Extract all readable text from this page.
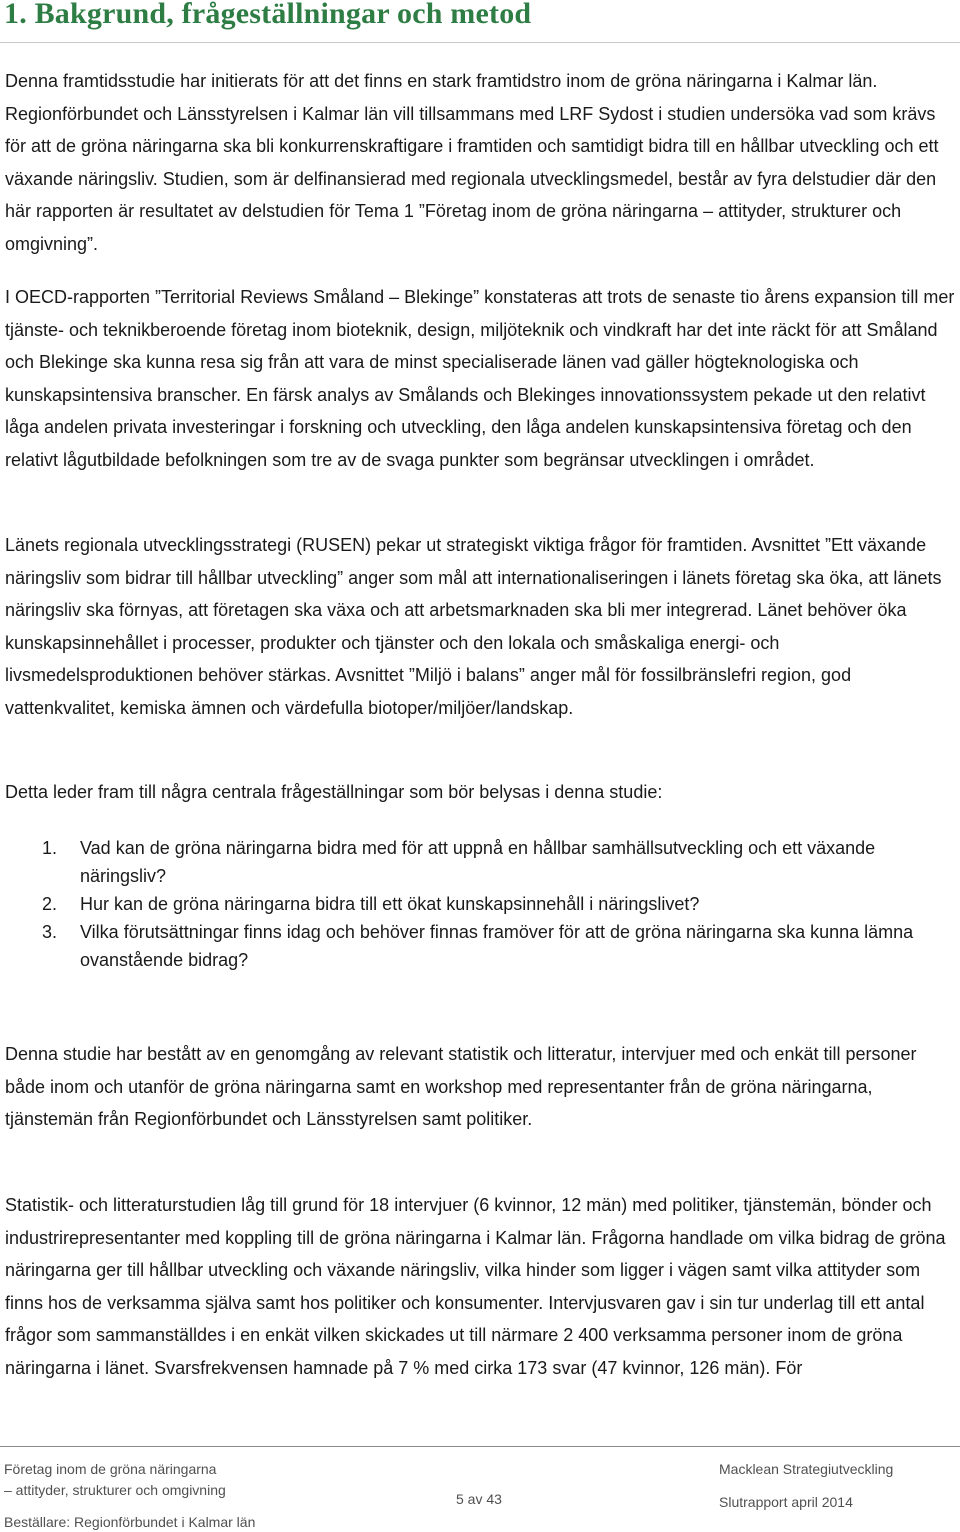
1. Bakgrund, frågeställningar och metod

Denna framtidsstudie har initierats för att det finns en stark framtidstro inom de gröna näringarna i Kalmar län. Regionförbundet och Länsstyrelsen i Kalmar län vill tillsammans med LRF Sydost i studien undersöka vad som krävs för att de gröna näringarna ska bli konkurrenskraftigare i framtiden och samtidigt bidra till en hållbar utveckling och ett växande näringsliv. Studien, som är delfinansierad med regionala utvecklingsmedel, består av fyra delstudier där den här rapporten är resultatet av delstudien för Tema 1 ”Företag inom de gröna näringarna – attityder, strukturer och omgivning”.

I OECD-rapporten ”Territorial Reviews Småland – Blekinge” konstateras att trots de senaste tio årens expansion till mer tjänste- och teknikberoende företag inom bioteknik, design, miljöteknik och vindkraft har det inte räckt för att Småland och Blekinge ska kunna resa sig från att vara de minst specialiserade länen vad gäller högteknologiska och kunskapsintensiva branscher. En färsk analys av Smålands och Blekinges innovationssystem pekade ut den relativt låga andelen privata investeringar i forskning och utveckling, den låga andelen kunskapsintensiva företag och den relativt lågutbildade befolkningen som tre av de svaga punkter som begränsar utvecklingen i området.

Länets regionala utvecklingsstrategi (RUSEN) pekar ut strategiskt viktiga frågor för framtiden. Avsnittet ”Ett växande näringsliv som bidrar till hållbar utveckling” anger som mål att internationaliseringen i länets företag ska öka, att länets näringsliv ska förnyas, att företagen ska växa och att arbetsmarknaden ska bli mer integrerad. Länet behöver öka kunskapsinnehållet i processer, produkter och tjänster och den lokala och småskaliga energi- och livsmedelsproduktionen behöver stärkas. Avsnittet ”Miljö i balans” anger mål för fossilbränslefri region, god vattenkvalitet, kemiska ämnen och värdefulla biotoper/miljöer/landskap.

Detta leder fram till några centrala frågeställningar som bör belysas i denna studie:

1. Vad kan de gröna näringarna bidra med för att uppnå en hållbar samhällsutveckling och ett växande näringsliv?
2. Hur kan de gröna näringarna bidra till ett ökat kunskapsinnehåll i näringslivet?
3. Vilka förutsättningar finns idag och behöver finnas framöver för att de gröna näringarna ska kunna lämna ovanstående bidrag?

Denna studie har bestått av en genomgång av relevant statistik och litteratur, intervjuer med och enkät till personer både inom och utanför de gröna näringarna samt en workshop med representanter från de gröna näringarna, tjänstemän från Regionförbundet och Länsstyrelsen samt politiker.

Statistik- och litteraturstudien låg till grund för 18 intervjuer (6 kvinnor, 12 män) med politiker, tjänstemän, bönder och industrirepresentanter med koppling till de gröna näringarna i Kalmar län. Frågorna handlade om vilka bidrag de gröna näringarna ger till hållbar utveckling och växande näringsliv, vilka hinder som ligger i vägen samt vilka attityder som finns hos de verksamma själva samt hos politiker och konsumenter. Intervjusvaren gav i sin tur underlag till ett antal frågor som sammanställdes i en enkät vilken skickades ut till närmare 2 400 verksamma personer inom de gröna näringarna i länet. Svarsfrekvensen hamnade på 7 % med cirka 173 svar (47 kvinnor, 126 män). För

Företag inom de gröna näringarna
– attityder, strukturer och omgivning
Beställare: Regionförbundet i Kalmar län
5 av 43
Macklean Strategiutveckling
Slutrapport april 2014
